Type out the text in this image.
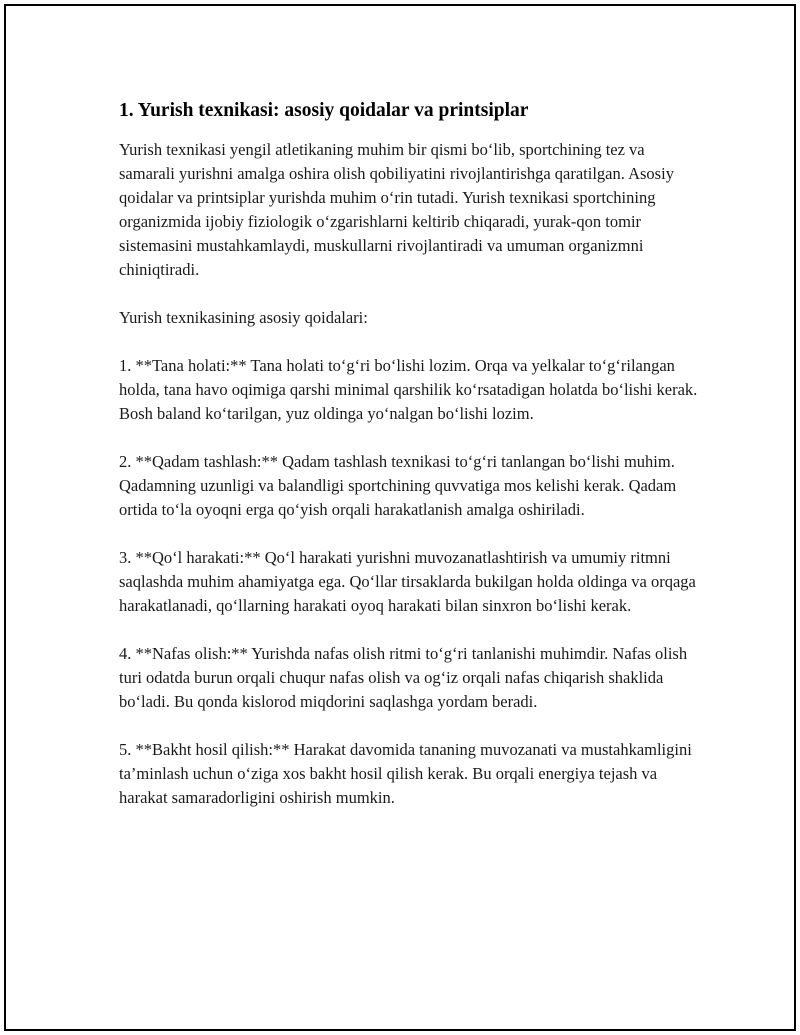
1. Yurish texnikasi: asosiy qoidalar va printsiplar

Yurish texnikasi yengil atletikaning muhim bir qismi bo‘lib, sportchining tez va samarali yurishni amalga oshira olish qobiliyatini rivojlantirishga qaratilgan. Asosiy qoidalar va printsiplar yurishda muhim o‘rin tutadi. Yurish texnikasi sportchining organizmida ijobiy fiziologik o‘zgarishlarni keltirib chiqaradi, yurak-qon tomir sistemasini mustahkamlaydi, muskullarni rivojlantiradi va umuman organizmni chiniqtiradi.

Yurish texnikasining asosiy qoidalari:

1. **Tana holati:** Tana holati to‘g‘ri bo‘lishi lozim. Orqa va yelkalar to‘g‘rilangan holda, tana havo oqimiga qarshi minimal qarshilik ko‘rsatadigan holatda bo‘lishi kerak. Bosh baland ko‘tarilgan, yuz oldinga yo‘nalgan bo‘lishi lozim.

2. **Qadam tashlash:** Qadam tashlash texnikasi to‘g‘ri tanlangan bo‘lishi muhim. Qadamning uzunligi va balandligi sportchining quvvatiga mos kelishi kerak. Qadam ortida to‘la oyoqni erga qo‘yish orqali harakatlanish amalga oshiriladi.

3. **Qo‘l harakati:** Qo‘l harakati yurishni muvozanatlashtirish va umumiy ritmni saqlashda muhim ahamiyatga ega. Qo‘llar tirsaklarda bukilgan holda oldinga va orqaga harakatlanadi, qo‘llarning harakati oyoq harakati bilan sinxron bo‘lishi kerak.

4. **Nafas olish:** Yurishda nafas olish ritmi to‘g‘ri tanlanishi muhimdir. Nafas olish turi odatda burun orqali chuqur nafas olish va og‘iz orqali nafas chiqarish shaklida bo‘ladi. Bu qonda kislorod miqdorini saqlashga yordam beradi.

5. **Bakht hosil qilish:** Harakat davomida tananing muvozanati va mustahkamligini ta’minlash uchun o‘ziga xos bakht hosil qilish kerak. Bu orqali energiya tejash va harakat samaradorligini oshirish mumkin.
